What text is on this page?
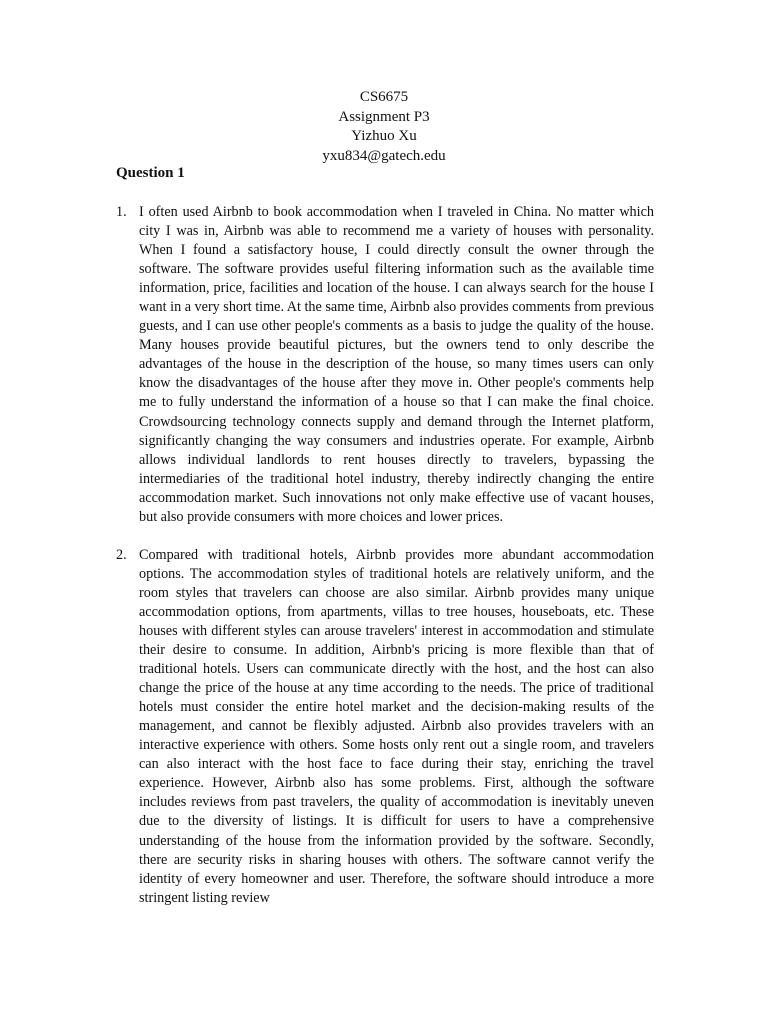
CS6675
Assignment P3
Yizhuo Xu
yxu834@gatech.edu
Question 1
1. I often used Airbnb to book accommodation when I traveled in China. No matter which city I was in, Airbnb was able to recommend me a variety of houses with personality. When I found a satisfactory house, I could directly consult the owner through the software. The software provides useful filtering information such as the available time information, price, facilities and location of the house. I can always search for the house I want in a very short time. At the same time, Airbnb also provides comments from previous guests, and I can use other people's comments as a basis to judge the quality of the house. Many houses provide beautiful pictures, but the owners tend to only describe the advantages of the house in the description of the house, so many times users can only know the disadvantages of the house after they move in. Other people's comments help me to fully understand the information of a house so that I can make the final choice. Crowdsourcing technology connects supply and demand through the Internet platform, significantly changing the way consumers and industries operate. For example, Airbnb allows individual landlords to rent houses directly to travelers, bypassing the intermediaries of the traditional hotel industry, thereby indirectly changing the entire accommodation market. Such innovations not only make effective use of vacant houses, but also provide consumers with more choices and lower prices.
2. Compared with traditional hotels, Airbnb provides more abundant accommodation options. The accommodation styles of traditional hotels are relatively uniform, and the room styles that travelers can choose are also similar. Airbnb provides many unique accommodation options, from apartments, villas to tree houses, houseboats, etc. These houses with different styles can arouse travelers' interest in accommodation and stimulate their desire to consume. In addition, Airbnb's pricing is more flexible than that of traditional hotels. Users can communicate directly with the host, and the host can also change the price of the house at any time according to the needs. The price of traditional hotels must consider the entire hotel market and the decision-making results of the management, and cannot be flexibly adjusted. Airbnb also provides travelers with an interactive experience with others. Some hosts only rent out a single room, and travelers can also interact with the host face to face during their stay, enriching the travel experience. However, Airbnb also has some problems. First, although the software includes reviews from past travelers, the quality of accommodation is inevitably uneven due to the diversity of listings. It is difficult for users to have a comprehensive understanding of the house from the information provided by the software. Secondly, there are security risks in sharing houses with others. The software cannot verify the identity of every homeowner and user. Therefore, the software should introduce a more stringent listing review
